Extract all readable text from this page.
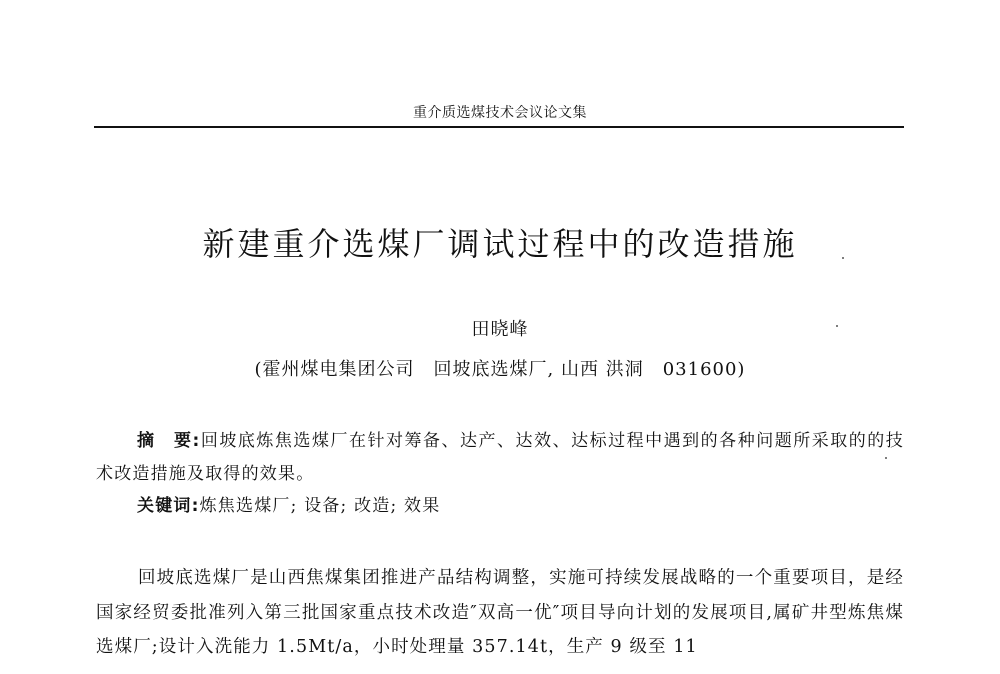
重介质选煤技术会议论文集
新建重介选煤厂调试过程中的改造措施
田晓峰
(霍州煤电集团公司　回坡底选煤厂, 山西 洪洞　031600)
摘　要:回坡底炼焦选煤厂在针对筹备、达产、达效、达标过程中遇到的各种问题所采取的的技术改造措施及取得的效果。
关键词:炼焦选煤厂; 设备; 改造; 效果
回坡底选煤厂是山西焦煤集团推进产品结构调整，实施可持续发展战略的一个重要项目，是经国家经贸委批准列入第三批国家重点技术改造″双高一优″项目导向计划的发展项目,属矿井型炼焦煤选煤厂;设计入洗能力 1.5Mt/a，小时处理量 357.14t，生产 9 级至 11
